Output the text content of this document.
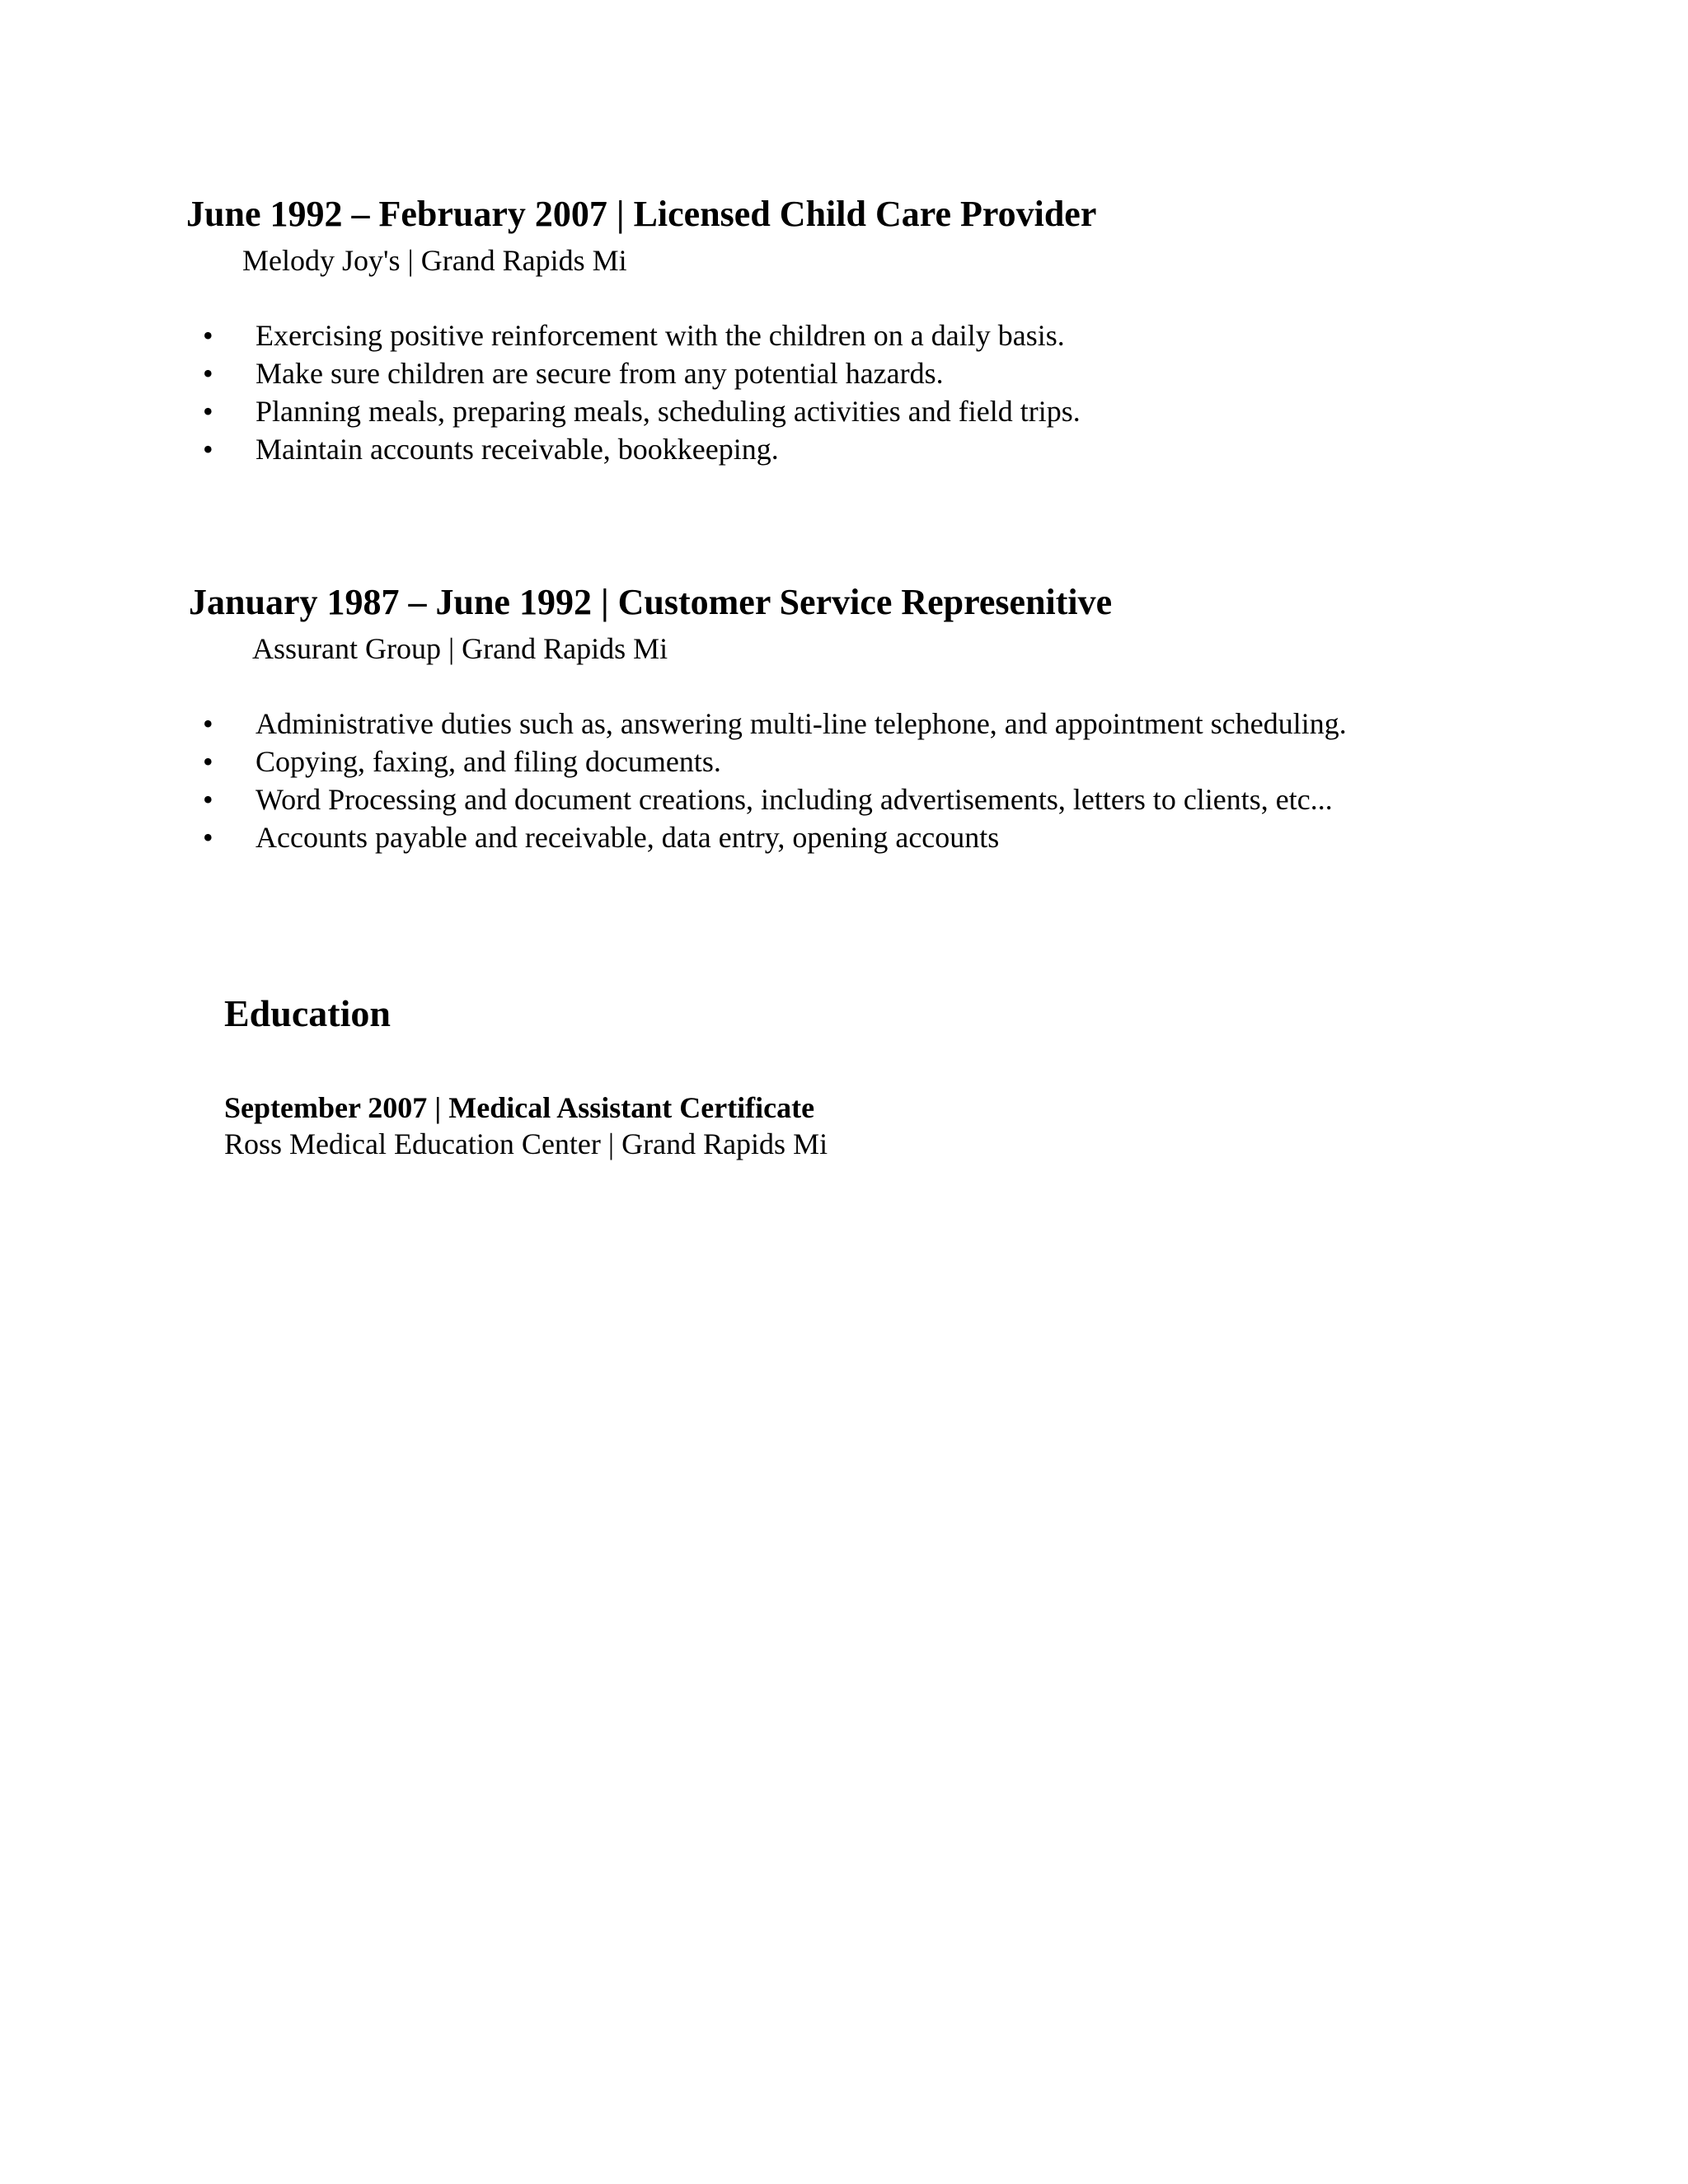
June 1992 – February 2007 | Licensed Child Care Provider

Melody Joy's | Grand Rapids Mi

• Exercising positive reinforcement with the children on a daily basis.
• Make sure children are secure from any potential hazards.
• Planning meals, preparing meals, scheduling activities and field trips.
• Maintain accounts receivable, bookkeeping.
January 1987 – June 1992 | Customer Service Represenitive

Assurant Group | Grand Rapids Mi

• Administrative duties such as, answering multi-line telephone, and appointment scheduling.
• Copying, faxing, and filing documents.
• Word Processing and document creations, including advertisements, letters to clients, etc...
• Accounts payable and receivable, data entry, opening accounts
Education

September 2007 | Medical Assistant Certificate

Ross Medical Education Center | Grand Rapids Mi
